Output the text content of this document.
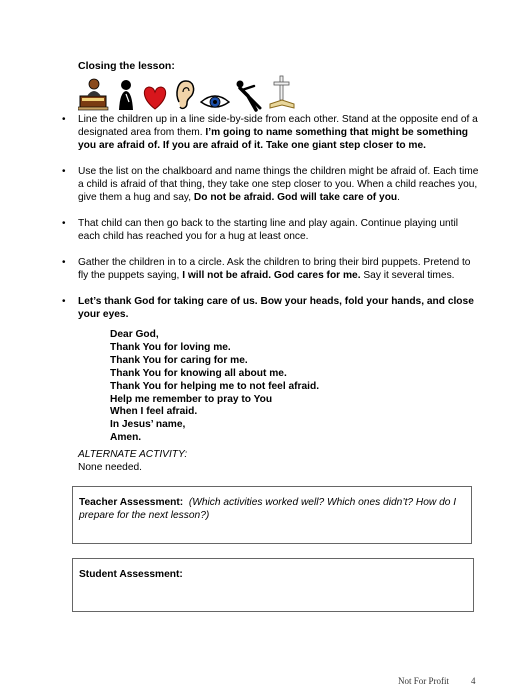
Closing the lesson:
• Line the children up in a line side-by-side from each other. Stand at the opposite end of a designated area from them. I’m going to name something that might be something you are afraid of. If you are afraid of it. Take one giant step closer to me.
• Use the list on the chalkboard and name things the children might be afraid of. Each time a child is afraid of that thing, they take one step closer to you. When a child reaches you, give them a hug and say, Do not be afraid. God will take care of you.
• That child can then go back to the starting line and play again. Continue playing until each child has reached you for a hug at least once.
• Gather the children in to a circle. Ask the children to bring their bird puppets. Pretend to fly the puppets saying, I will not be afraid. God cares for me. Say it several times.
• Let’s thank God for taking care of us. Bow your heads, fold your hands, and close your eyes.
Dear God,
Thank You for loving me.
Thank You for caring for me.
Thank You for knowing all about me.
Thank You for helping me to not feel afraid.
Help me remember to pray to You
When I feel afraid.
In Jesus’ name,
Amen.
ALTERNATE ACTIVITY:
None needed.
Teacher Assessment: (Which activities worked well? Which ones didn’t? How do I prepare for the next lesson?)
Student Assessment:
Not For Profit 4
